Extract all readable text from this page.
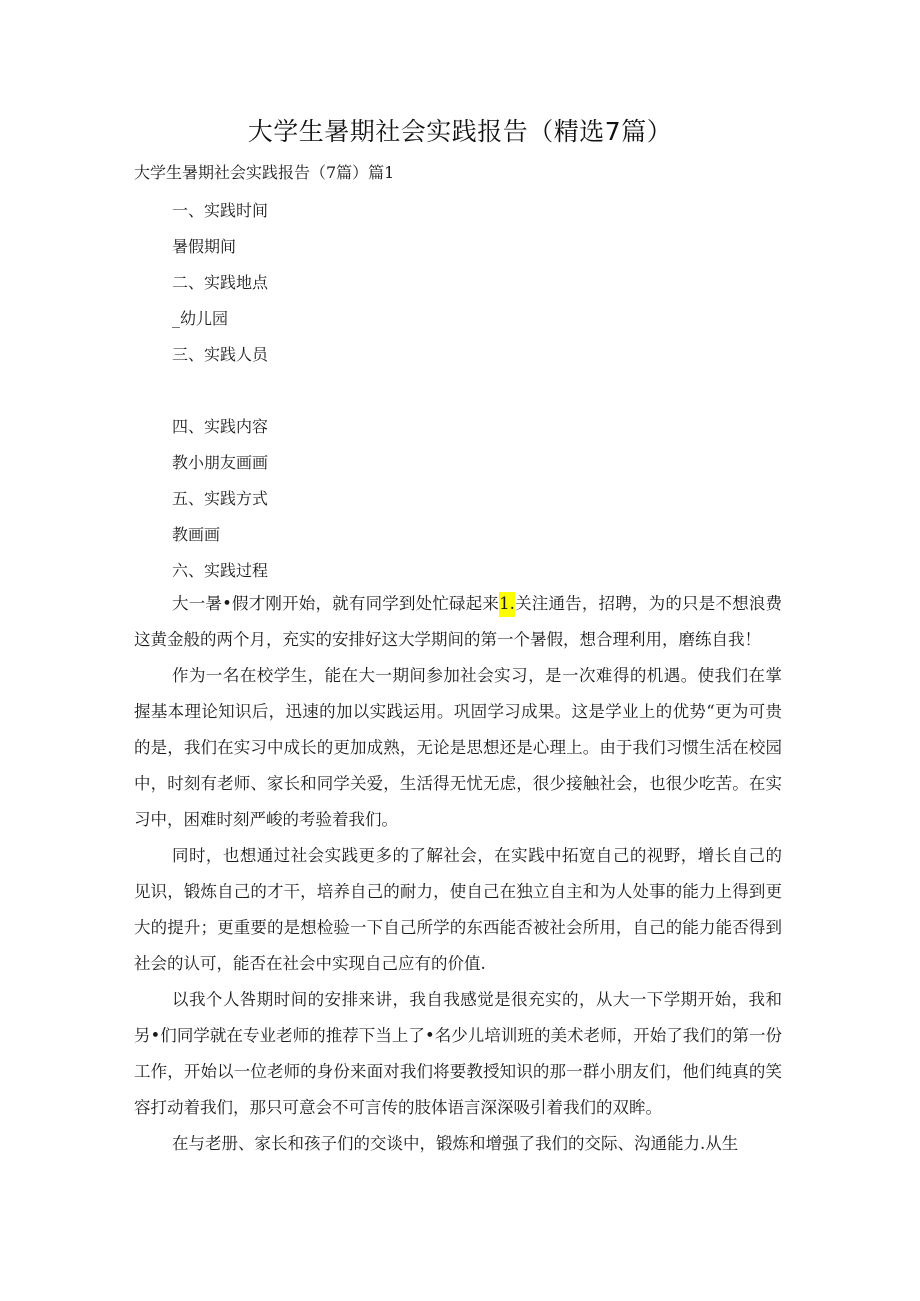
大学生暑期社会实践报告（精选7篇）
大学生暑期社会实践报告（7篇）篇1
一、实践时间
暑假期间
二、实践地点
_幼儿园
三、实践人员
四、实践内容
教小朋友画画
五、实践方式
教画画
六、实践过程
大一暑•假才刚开始，就有同学到处忙碌起来1.关注通告，招聘，为的只是不想浪费这黄金般的两个月，充实的安排好这大学期间的第一个暑假，想合理利用，磨练自我！
作为一名在校学生，能在大一期间参加社会实习，是一次难得的机遇。使我们在掌握基本理论知识后，迅速的加以实践运用。巩固学习成果。这是学业上的优势“更为可贵的是，我们在实习中成长的更加成熟，无论是思想还是心理上。由于我们习惯生活在校园中，时刻有老师、家长和同学关爱，生活得无忧无虑，很少接触社会，也很少吃苦。在实习中，困难时刻严峻的考验着我们。
同时，也想通过社会实践更多的了解社会，在实践中拓宽自己的视野，增长自己的见识，锻炼自己的才干，培养自己的耐力，使自己在独立自主和为人处事的能力上得到更大的提升；更重要的是想检验一下自己所学的东西能否被社会所用，自己的能力能否得到社会的认可，能否在社会中实现自己应有的价值.
以我个人咎期时间的安排来讲，我自我感觉是很充实的，从大一下学期开始，我和另•们同学就在专业老师的推荐下当上了•名少儿培训班的美术老师，开始了我们的第一份工作，开始以一位老师的身份来面对我们将要教授知识的那一群小朋友们，他们纯真的笑容打动着我们，那只可意会不可言传的肢体语言深深吸引着我们的双眸。
在与老册、家长和孩子们的交谈中，锻炼和增强了我们的交际、沟通能力.从生
